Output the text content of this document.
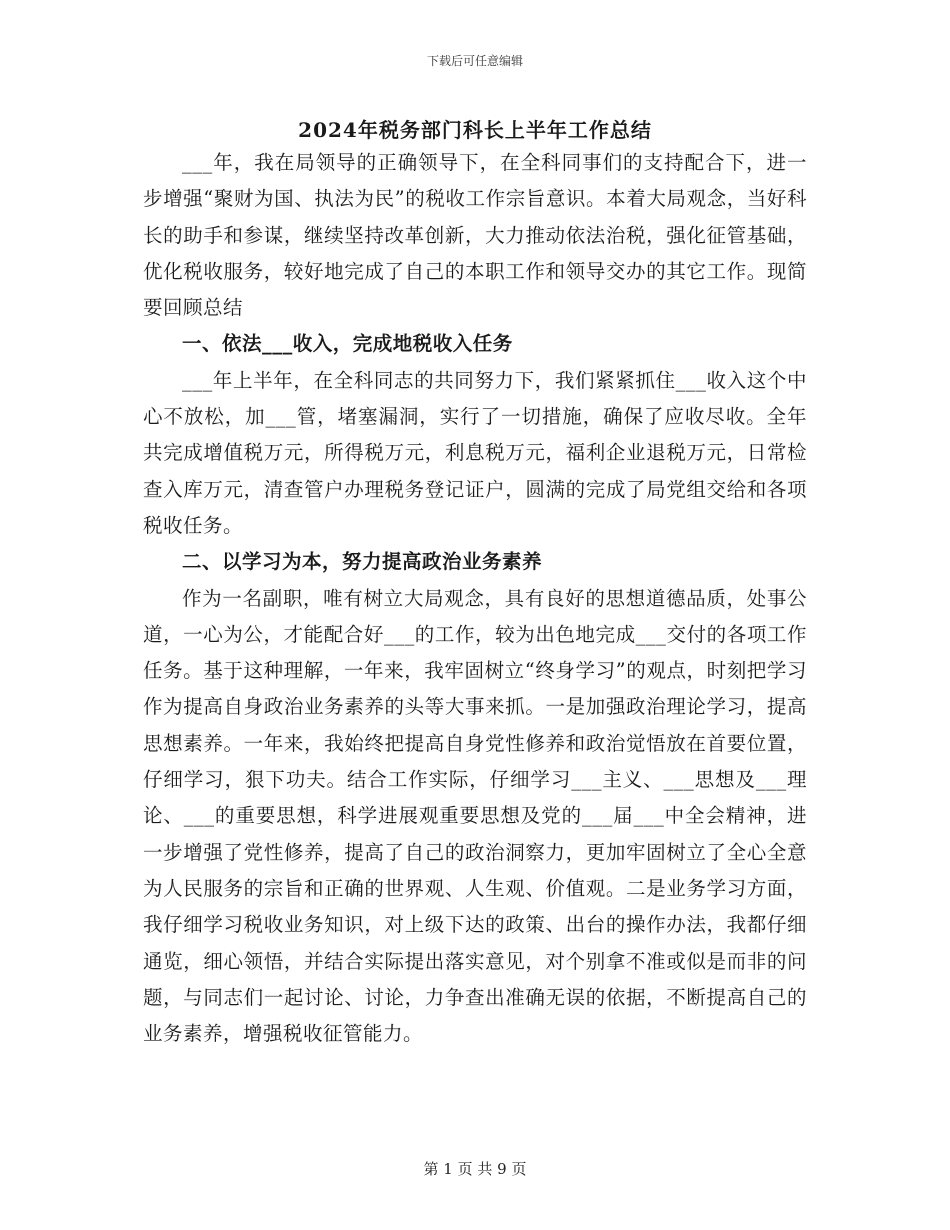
下载后可任意编辑
2024年税务部门科长上半年工作总结

___年，我在局领导的正确领导下，在全科同事们的支持配合下，进一步增强“聚财为国、执法为民”的税收工作宗旨意识。本着大局观念，当好科长的助手和参谋，继续坚持改革创新，大力推动依法治税，强化征管基础，优化税收服务，较好地完成了自己的本职工作和领导交办的其它工作。现简要回顾总结

一、依法___收入，完成地税收入任务

___年上半年，在全科同志的共同努力下，我们紧紧抓住___收入这个中心不放松，加___管，堵塞漏洞，实行了一切措施，确保了应收尽收。全年共完成增值税万元，所得税万元，利息税万元，福利企业退税万元，日常检查入库万元，清查管户办理税务登记证户，圆满的完成了局党组交给和各项税收任务。

二、以学习为本，努力提高政治业务素养

作为一名副职，唯有树立大局观念，具有良好的思想道德品质，处事公道，一心为公，才能配合好___的工作，较为出色地完成___交付的各项工作任务。基于这种理解，一年来，我牢固树立“终身学习”的观点，时刻把学习作为提高自身政治业务素养的头等大事来抓。一是加强政治理论学习，提高思想素养。一年来，我始终把提高自身党性修养和政治觉悟放在首要位置，仔细学习，狠下功夫。结合工作实际，仔细学习___主义、___思想及___理论、___的重要思想，科学进展观重要思想及党的___届___中全会精神，进一步增强了党性修养，提高了自己的政治洞察力，更加牢固树立了全心全意为人民服务的宗旨和正确的世界观、人生观、价值观。二是业务学习方面，我仔细学习税收业务知识，对上级下达的政策、出台的操作办法，我都仔细通览，细心领悟，并结合实际提出落实意见，对个别拿不准或似是而非的问题，与同志们一起讨论、讨论，力争查出准确无误的依据，不断提高自己的业务素养，增强税收征管能力。

第 1 页 共 9 页
